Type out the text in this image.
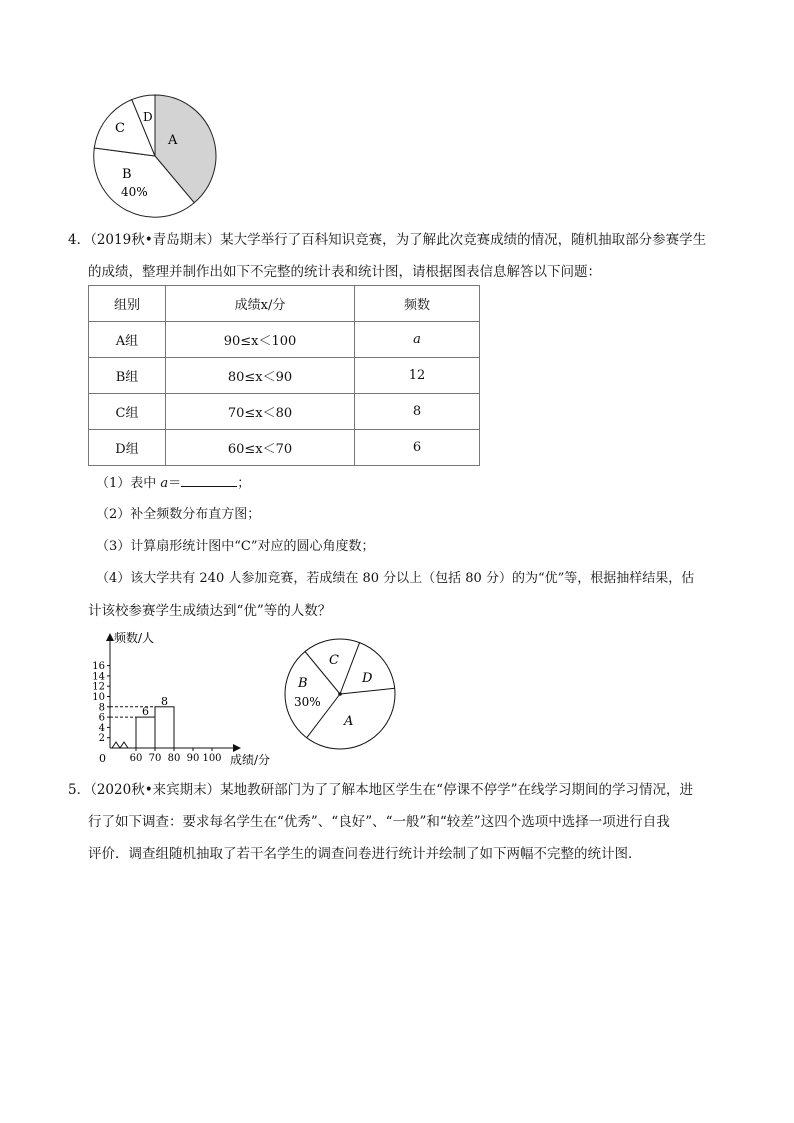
A
B
40%
C
D
4．（2019秋•青岛期末）某大学举行了百科知识竞赛，为了解此次竞赛成绩的情况，随机抽取部分参赛学生
的成绩，整理并制作出如下不完整的统计表和统计图，请根据图表信息解答以下问题：
组别	成绩x/分	频数
A组	90≤x＜100	a
B组	80≤x＜90	12
C组	70≤x＜80	8
D组	60≤x＜70	6
（1）表中 a＝	；
（2）补全频数分布直方图；
（3）计算扇形统计图中“C”对应的圆心角度数；
（4）该大学共有 240 人参加竞赛，若成绩在 80 分以上（包括 80 分）的为“优”等，根据抽样结果，估
计该校参赛学生成绩达到“优”等的人数？
频数/人
成绩/分
0
2
4
6
8
10
12
14
16
60 70 80 90 100
6
8
C
D
B
30%
A
5．（2020秋•来宾期末）某地教研部门为了了解本地区学生在“停课不停学”在线学习期间的学习情况，进
行了如下调查：要求每名学生在“优秀”、“良好”、“一般”和“较差”这四个选项中选择一项进行自我
评价．调查组随机抽取了若干名学生的调查问卷进行统计并绘制了如下两幅不完整的统计图．
